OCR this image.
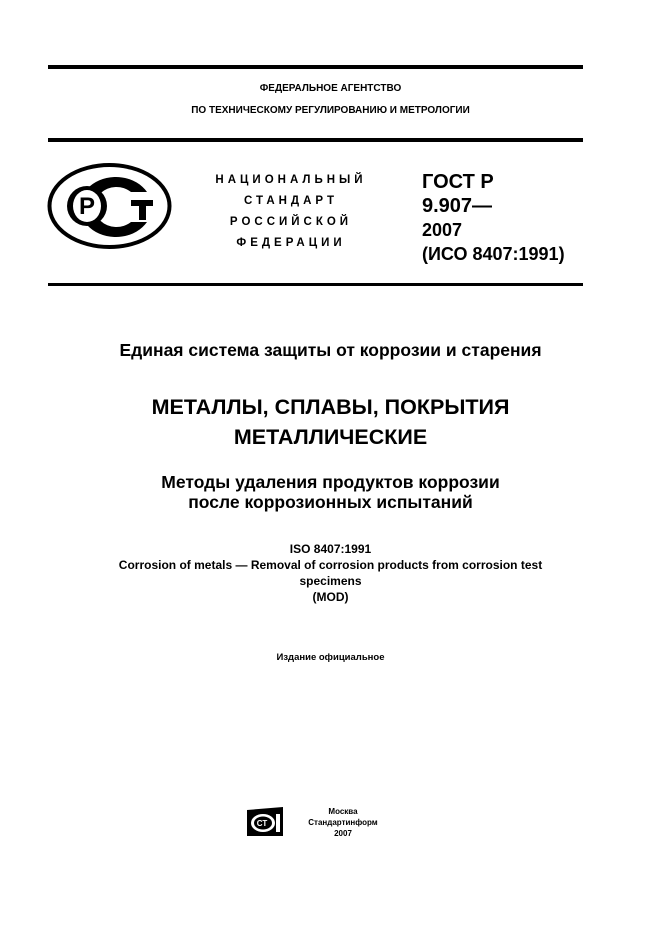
ФЕДЕРАЛЬНОЕ АГЕНТСТВО
ПО ТЕХНИЧЕСКОМУ РЕГУЛИРОВАНИЮ И МЕТРОЛОГИИ
Р
НАЦИОНАЛЬНЫЙ
СТАНДАРТ
РОССИЙСКОЙ
ФЕДЕРАЦИИ
ГОСТ Р
9.907—
2007
(ИСО 8407:1991)
Единая система защиты от коррозии и старения
МЕТАЛЛЫ, СПЛАВЫ, ПОКРЫТИЯ
МЕТАЛЛИЧЕСКИЕ
Методы удаления продуктов коррозии
после коррозионных испытаний
ISO 8407:1991
Corrosion of metals — Removal of corrosion products from corrosion test
specimens
(MOD)
Издание официальное
СТ
Москва
Стандартинформ
2007
